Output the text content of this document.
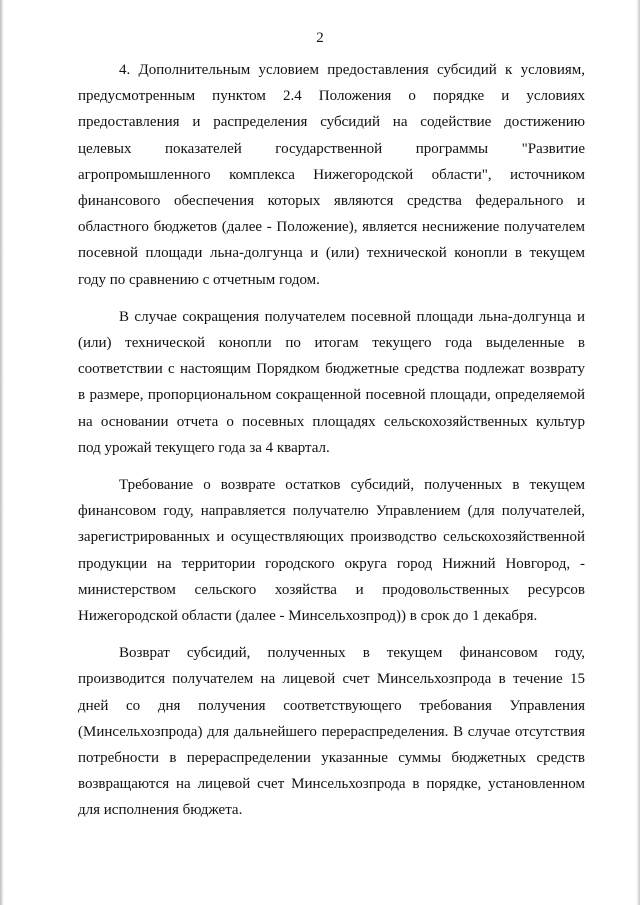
2
4. Дополнительным условием предоставления субсидий к условиям,
предусмотренным пунктом 2.4 Положения о порядке и условиях
предоставления и распределения субсидий на содействие достижению
целевых показателей государственной программы "Развитие
агропромышленного комплекса Нижегородской области", источником
финансового обеспечения которых являются средства федерального и
областного бюджетов (далее - Положение), является неснижение получателем
посевной площади льна-долгунца и (или) технической конопли в текущем
году по сравнению с отчетным годом.
В случае сокращения получателем посевной площади льна-долгунца и
(или) технической конопли по итогам текущего года выделенные в
соответствии с настоящим Порядком бюджетные средства подлежат возврату
в размере, пропорциональном сокращенной посевной площади, определяемой
на основании отчета о посевных площадях сельскохозяйственных культур
под урожай текущего года за 4 квартал.
Требование о возврате остатков субсидий, полученных в текущем
финансовом году, направляется получателю Управлением (для получателей,
зарегистрированных и осуществляющих производство сельскохозяйственной
продукции на территории городского округа город Нижний Новгород, -
министерством сельского хозяйства и продовольственных ресурсов
Нижегородской области (далее - Минсельхозпрод)) в срок до 1 декабря.
Возврат субсидий, полученных в текущем финансовом году,
производится получателем на лицевой счет Минсельхозпрода в течение 15
дней со дня получения соответствующего требования Управления
(Минсельхозпрода) для дальнейшего перераспределения. В случае отсутствия
потребности в перераспределении указанные суммы бюджетных средств
возвращаются на лицевой счет Минсельхозпрода в порядке, установленном
для исполнения бюджета.
